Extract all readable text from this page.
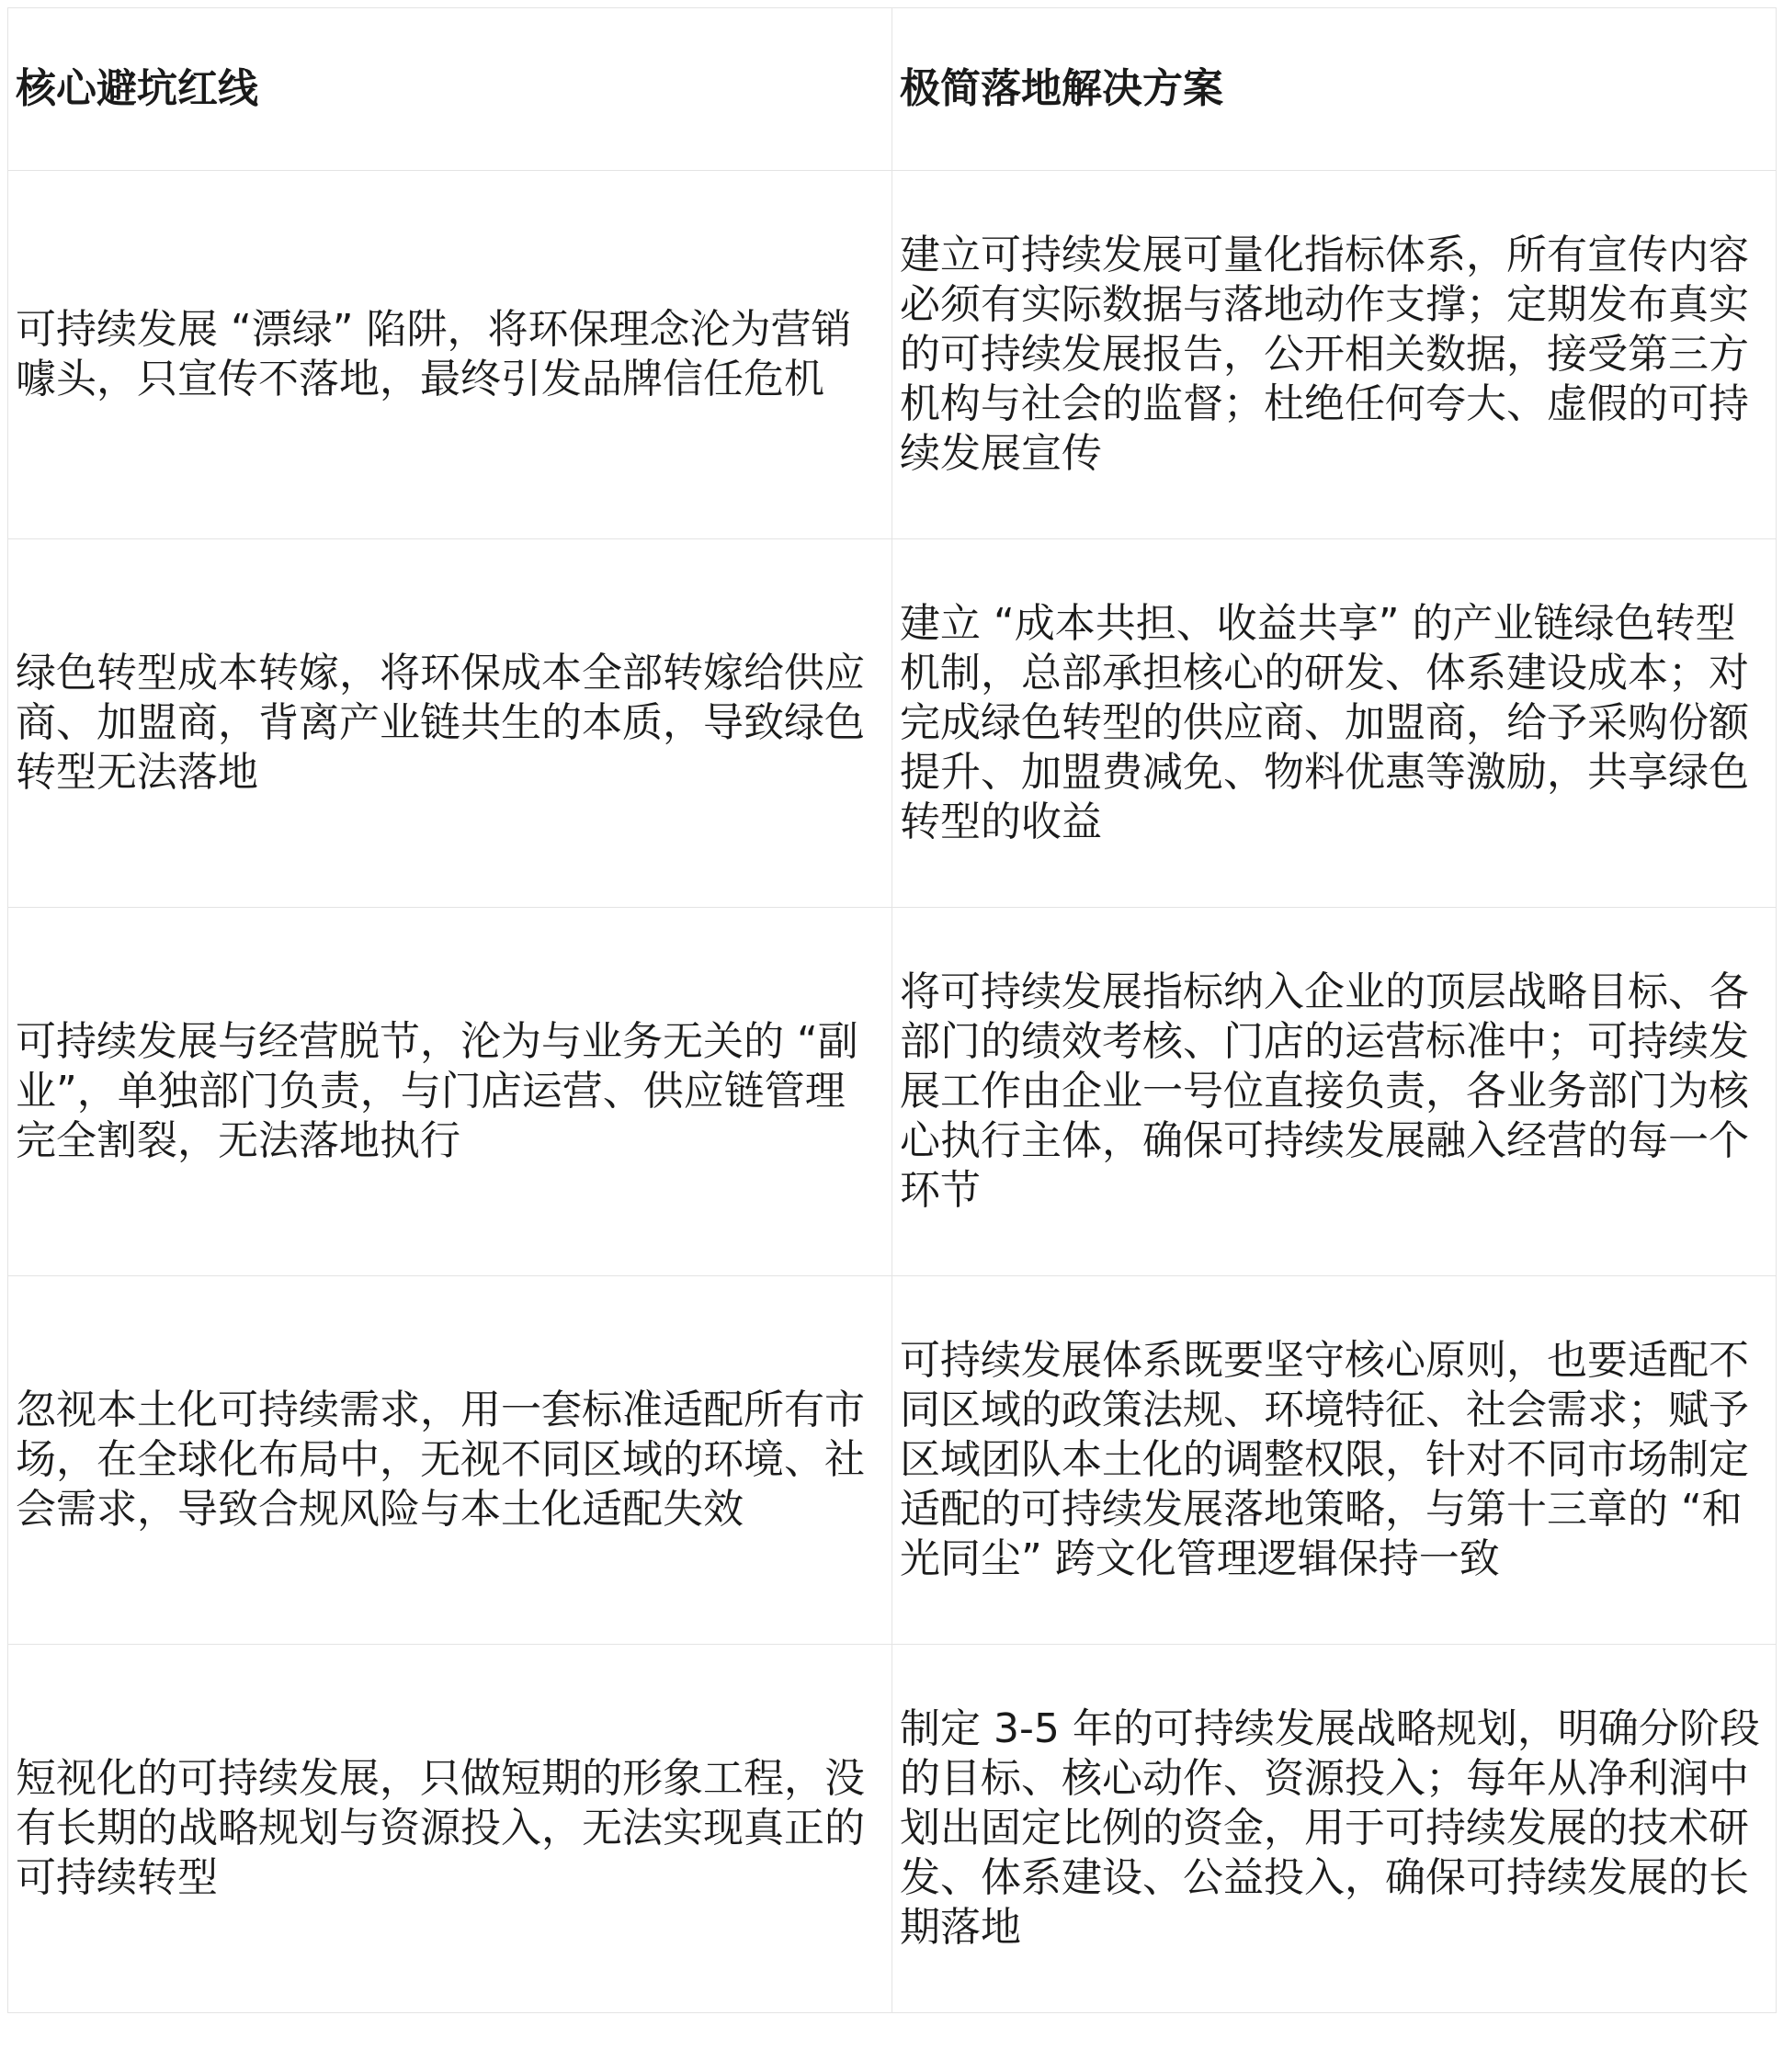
核心避坑红线	极简落地解决方案
可持续发展 “漂绿” 陷阱，将环保理念沦为营销噱头，只宣传不落地，最终引发品牌信任危机	建立可持续发展可量化指标体系，所有宣传内容必须有实际数据与落地动作支撑；定期发布真实的可持续发展报告，公开相关数据，接受第三方机构与社会的监督；杜绝任何夸大、虚假的可持续发展宣传
绿色转型成本转嫁，将环保成本全部转嫁给供应商、加盟商，背离产业链共生的本质，导致绿色转型无法落地	建立 “成本共担、收益共享” 的产业链绿色转型机制，总部承担核心的研发、体系建设成本；对完成绿色转型的供应商、加盟商，给予采购份额提升、加盟费减免、物料优惠等激励，共享绿色转型的收益
可持续发展与经营脱节，沦为与业务无关的 “副业”，单独部门负责，与门店运营、供应链管理完全割裂，无法落地执行	将可持续发展指标纳入企业的顶层战略目标、各部门的绩效考核、门店的运营标准中；可持续发展工作由企业一号位直接负责，各业务部门为核心执行主体，确保可持续发展融入经营的每一个环节
忽视本土化可持续需求，用一套标准适配所有市场，在全球化布局中，无视不同区域的环境、社会需求，导致合规风险与本土化适配失效	可持续发展体系既要坚守核心原则，也要适配不同区域的政策法规、环境特征、社会需求；赋予区域团队本土化的调整权限，针对不同市场制定适配的可持续发展落地策略，与第十三章的 “和光同尘” 跨文化管理逻辑保持一致
短视化的可持续发展，只做短期的形象工程，没有长期的战略规划与资源投入，无法实现真正的可持续转型	制定 3-5 年的可持续发展战略规划，明确分阶段的目标、核心动作、资源投入；每年从净利润中划出固定比例的资金，用于可持续发展的技术研发、体系建设、公益投入，确保可持续发展的长期落地
